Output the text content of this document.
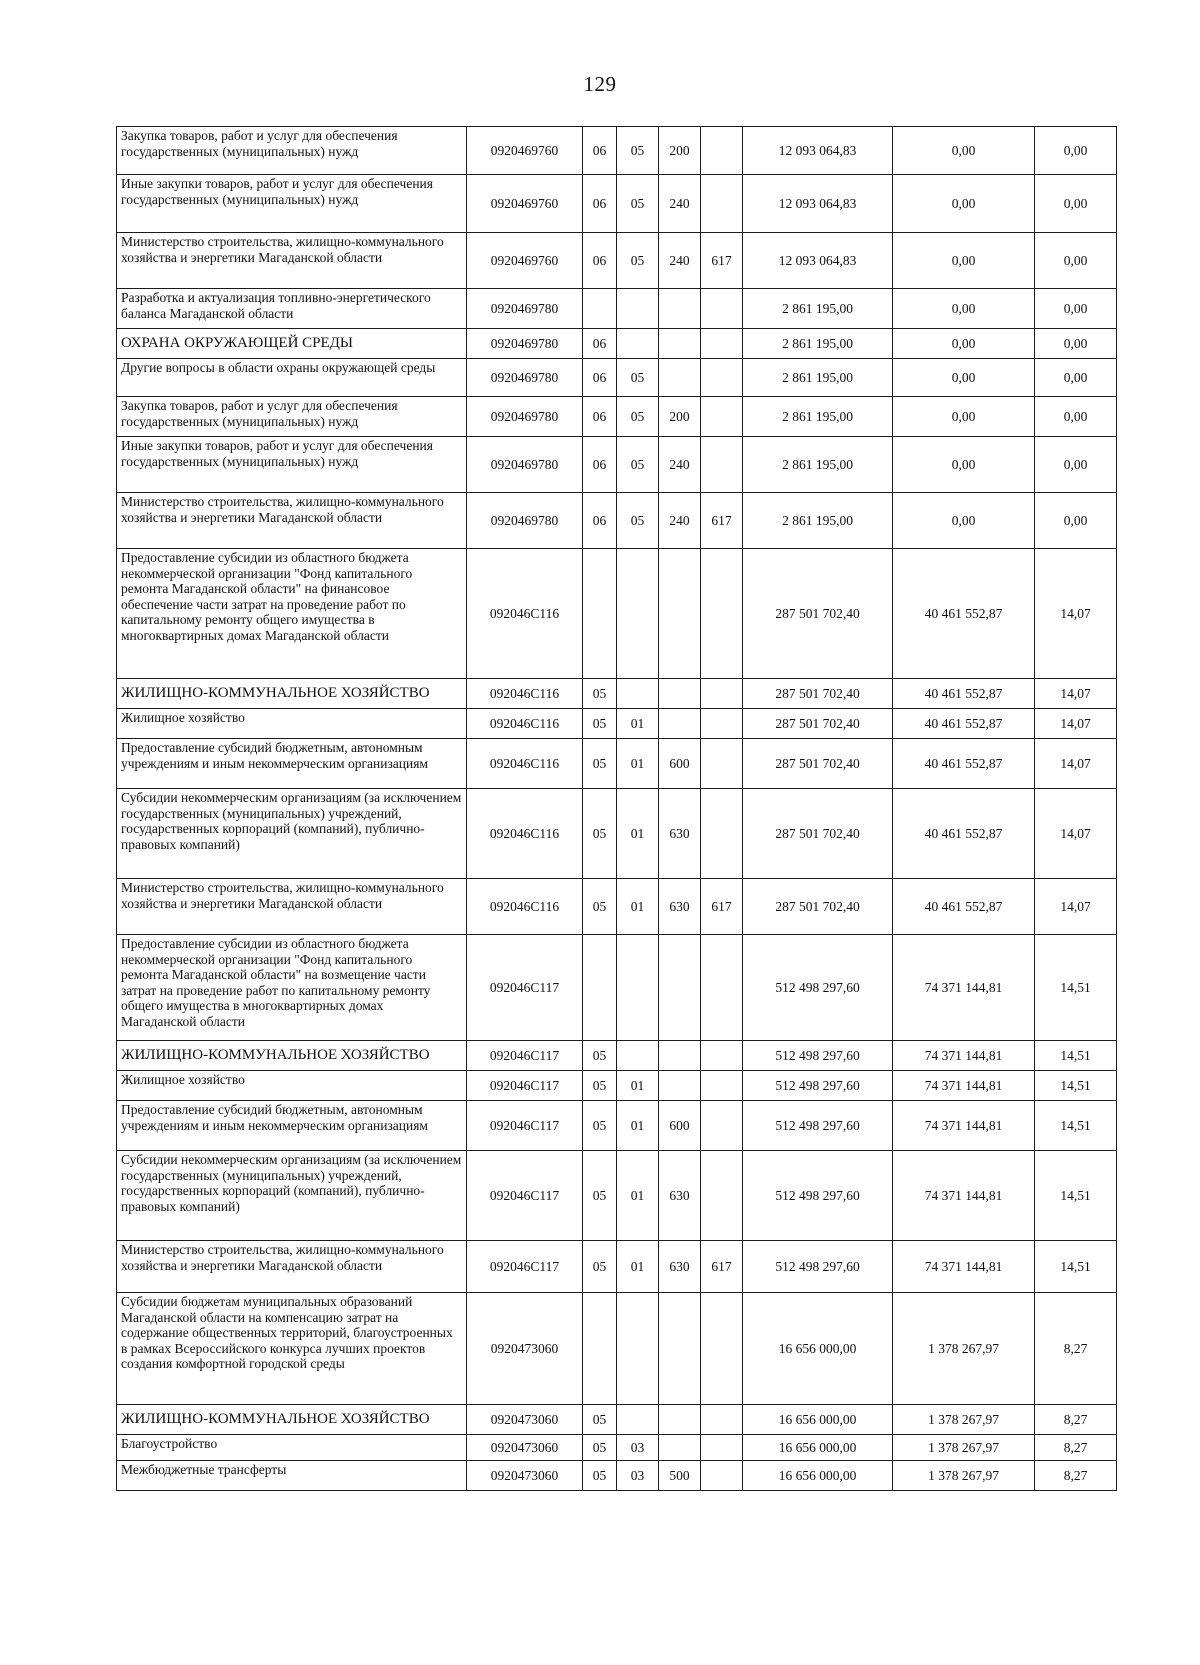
129
Закупка товаров, работ и услуг для обеспечения государственных (муниципальных) нужд	0920469760	06	05	200		12 093 064,83	0,00	0,00
Иные закупки товаров, работ и услуг для обеспечения государственных (муниципальных) нужд	0920469760	06	05	240		12 093 064,83	0,00	0,00
Министерство строительства, жилищно-коммунального хозяйства и энергетики Магаданской области	0920469760	06	05	240	617	12 093 064,83	0,00	0,00
Разработка и актуализация топливно-энергетического баланса Магаданской области	0920469780					2 861 195,00	0,00	0,00
ОХРАНА ОКРУЖАЮЩЕЙ СРЕДЫ	0920469780	06				2 861 195,00	0,00	0,00
Другие вопросы в области охраны окружающей среды	0920469780	06	05			2 861 195,00	0,00	0,00
Закупка товаров, работ и услуг для обеспечения государственных (муниципальных) нужд	0920469780	06	05	200		2 861 195,00	0,00	0,00
Иные закупки товаров, работ и услуг для обеспечения государственных (муниципальных) нужд	0920469780	06	05	240		2 861 195,00	0,00	0,00
Министерство строительства, жилищно-коммунального хозяйства и энергетики Магаданской области	0920469780	06	05	240	617	2 861 195,00	0,00	0,00
Предоставление субсидии из областного бюджета некоммерческой организации "Фонд капитального ремонта Магаданской области" на финансовое обеспечение части затрат на проведение работ по капитальному ремонту общего имущества в многоквартирных домах Магаданской области	092046С116					287 501 702,40	40 461 552,87	14,07
ЖИЛИЩНО-КОММУНАЛЬНОЕ ХОЗЯЙСТВО	092046С116	05				287 501 702,40	40 461 552,87	14,07
Жилищное хозяйство	092046С116	05	01			287 501 702,40	40 461 552,87	14,07
Предоставление субсидий бюджетным, автономным учреждениям и иным некоммерческим организациям	092046С116	05	01	600		287 501 702,40	40 461 552,87	14,07
Субсидии некоммерческим организациям (за исключением государственных (муниципальных) учреждений, государственных корпораций (компаний), публично-правовых компаний)	092046С116	05	01	630		287 501 702,40	40 461 552,87	14,07
Министерство строительства, жилищно-коммунального хозяйства и энергетики Магаданской области	092046С116	05	01	630	617	287 501 702,40	40 461 552,87	14,07
Предоставление субсидии из областного бюджета некоммерческой организации "Фонд капитального ремонта Магаданской области" на возмещение части затрат на проведение работ по капитальному ремонту общего имущества в многоквартирных домах Магаданской области	092046С117					512 498 297,60	74 371 144,81	14,51
ЖИЛИЩНО-КОММУНАЛЬНОЕ ХОЗЯЙСТВО	092046С117	05				512 498 297,60	74 371 144,81	14,51
Жилищное хозяйство	092046С117	05	01			512 498 297,60	74 371 144,81	14,51
Предоставление субсидий бюджетным, автономным учреждениям и иным некоммерческим организациям	092046С117	05	01	600		512 498 297,60	74 371 144,81	14,51
Субсидии некоммерческим организациям (за исключением государственных (муниципальных) учреждений, государственных корпораций (компаний), публично-правовых компаний)	092046С117	05	01	630		512 498 297,60	74 371 144,81	14,51
Министерство строительства, жилищно-коммунального хозяйства и энергетики Магаданской области	092046С117	05	01	630	617	512 498 297,60	74 371 144,81	14,51
Субсидии бюджетам муниципальных образований Магаданской области на компенсацию затрат на содержание общественных территорий, благоустроенных в рамках Всероссийского конкурса лучших проектов создания комфортной городской среды	0920473060					16 656 000,00	1 378 267,97	8,27
ЖИЛИЩНО-КОММУНАЛЬНОЕ ХОЗЯЙСТВО	0920473060	05				16 656 000,00	1 378 267,97	8,27
Благоустройство	0920473060	05	03			16 656 000,00	1 378 267,97	8,27
Межбюджетные трансферты	0920473060	05	03	500		16 656 000,00	1 378 267,97	8,27
